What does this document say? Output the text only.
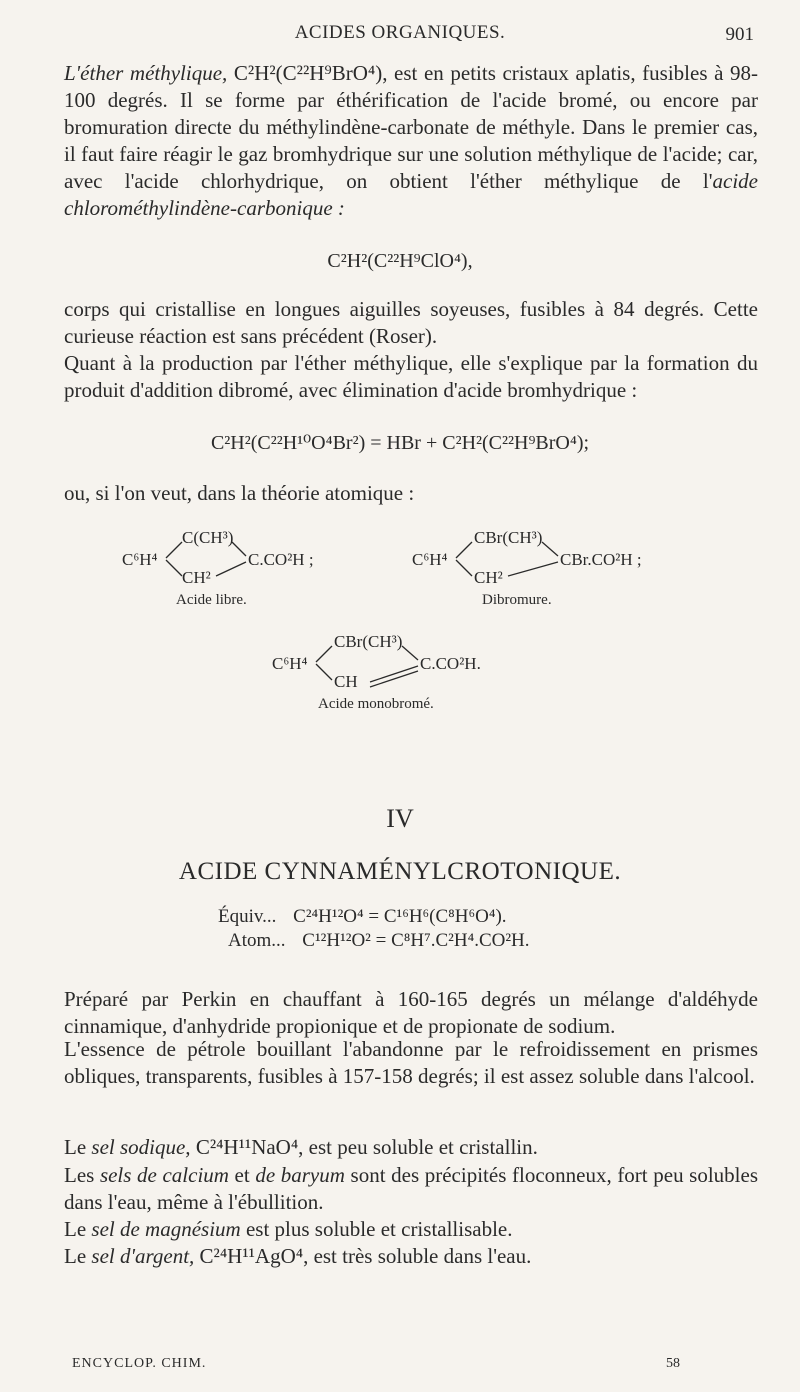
ACIDES ORGANIQUES.	901

L'éther méthylique, C²H²(C²²H⁹BrO⁴), est en petits cristaux aplatis, fusibles à 98-100 degrés. Il se forme par éthérification de l'acide bromé, ou encore par bromuration directe du méthylindène-carbonate de méthyle. Dans le premier cas, il faut faire réagir le gaz bromhydrique sur une solution méthylique de l'acide; car, avec l'acide chlorhydrique, on obtient l'éther méthylique de l'acide chlorométhylindène-carbonique :

C²H²(C²²H⁹ClO⁴),

corps qui cristallise en longues aiguilles soyeuses, fusibles à 84 degrés. Cette curieuse réaction est sans précédent (Roser).

Quant à la production par l'éther méthylique, elle s'explique par la formation du produit d'addition dibromé, avec élimination d'acide bromhydrique :

C²H²(C²²H¹⁰O⁴Br²) = HBr + C²H²(C²²H⁹BrO⁴);

ou, si l'on veut, dans la théorie atomique :

C⁶H⁴
C(CH³)
CH²
C.CO²H ;
Acide libre.
C⁶H⁴
CBr(CH³)
CH²
CBr.CO²H ;
Dibromure.
C⁶H⁴
CBr(CH³)
CH
C.CO²H.
Acide monobromé.
IV
ACIDE CYNNAMÉNYLCROTONIQUE.
Équiv... C²⁴H¹²O⁴ = C¹⁶H⁶(C⁸H⁶O⁴).
Atom... C¹²H¹²O² = C⁸H⁷.C²H⁴.CO²H.

Préparé par Perkin en chauffant à 160-165 degrés un mélange d'aldéhyde cinnamique, d'anhydride propionique et de propionate de sodium.

L'essence de pétrole bouillant l'abandonne par le refroidissement en prismes obliques, transparents, fusibles à 157-158 degrés; il est assez soluble dans l'alcool.

Le sel sodique, C²⁴H¹¹NaO⁴, est peu soluble et cristallin.

Les sels de calcium et de baryum sont des précipités floconneux, fort peu solubles dans l'eau, même à l'ébullition.

Le sel de magnésium est plus soluble et cristallisable.

Le sel d'argent, C²⁴H¹¹AgO⁴, est très soluble dans l'eau.

ENCYCLOP. CHIM.	58
